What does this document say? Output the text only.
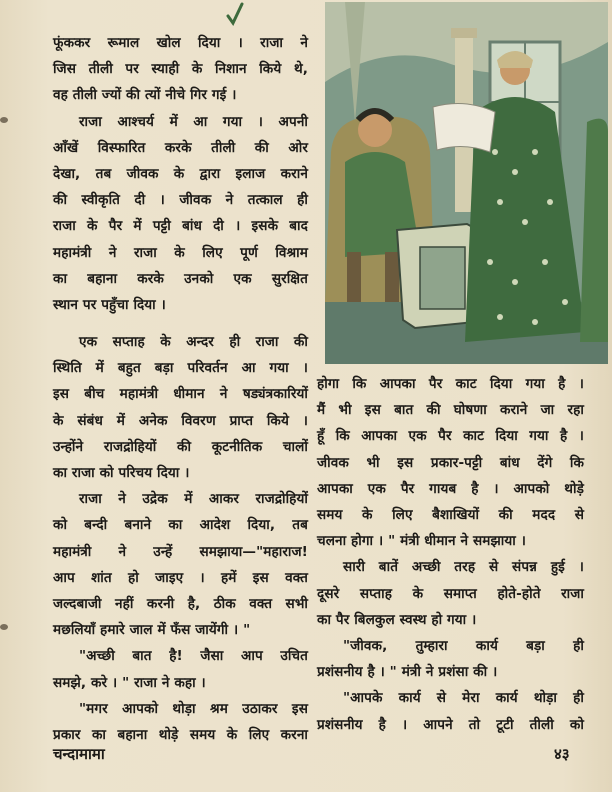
फूंककर रूमाल खोल दिया । राजा ने

जिस तीली पर स्याही के निशान किये थे,

वह तीली ज्यों की त्यों नीचे गिर गई ।

राजा आश्चर्य में आ गया । अपनी

आँखें विस्फारित करके तीली की ओर

देखा, तब जीवक के द्वारा इलाज कराने

की स्वीकृति दी । जीवक ने तत्काल ही

राजा के पैर में पट्टी बांध दी । इसके बाद

महामंत्री ने राजा के लिए पूर्ण विश्राम

का बहाना करके उनको एक सुरक्षित

स्थान पर पहुँचा दिया ।

एक सप्ताह के अन्दर ही राजा की

स्थिति में बहुत बड़ा परिवर्तन आ गया ।

इस बीच महामंत्री धीमान ने षड्यंत्रकारियों

के संबंध में अनेक विवरण प्राप्त किये ।

उन्होंने राजद्रोहियों की कूटनीतिक चालों

का राजा को परिचय दिया ।

राजा ने उद्रेक में आकर राजद्रोहियों

को बन्दी बनाने का आदेश दिया, तब

महामंत्री ने उन्हें समझाया—"महाराज!

आप शांत हो जाइए । हमें इस वक्त

जल्दबाजी नहीं करनी है, ठीक वक्त सभी

मछलियाँ हमारे जाल में फँस जायेंगी । "

"अच्छी बात है! जैसा आप उचित

समझे, करे । " राजा ने कहा ।

"मगर आपको थोड़ा श्रम उठाकर इस

प्रकार का बहाना थोड़े समय के लिए करना

होगा कि आपका पैर काट दिया गया है ।

मैं भी इस बात की घोषणा कराने जा रहा

हूँ कि आपका एक पैर काट दिया गया है ।

जीवक भी इस प्रकार-पट्टी बांध देंगे कि

आपका एक पैर गायब है । आपको थोड़े

समय के लिए बैशाखियों की मदद से

चलना होगा । " मंत्री धीमान ने समझाया ।

सारी बातें अच्छी तरह से संपन्न हुई ।

दूसरे सप्ताह के समाप्त होते-होते राजा

का पैर बिलकुल स्वस्थ हो गया ।

"जीवक, तुम्हारा कार्य बड़ा ही

प्रशंसनीय है । " मंत्री ने प्रशंसा की ।

"आपके कार्य से मेरा कार्य थोड़ा ही

प्रशंसनीय है । आपने तो टूटी तीली को

चन्दामामा	४३
